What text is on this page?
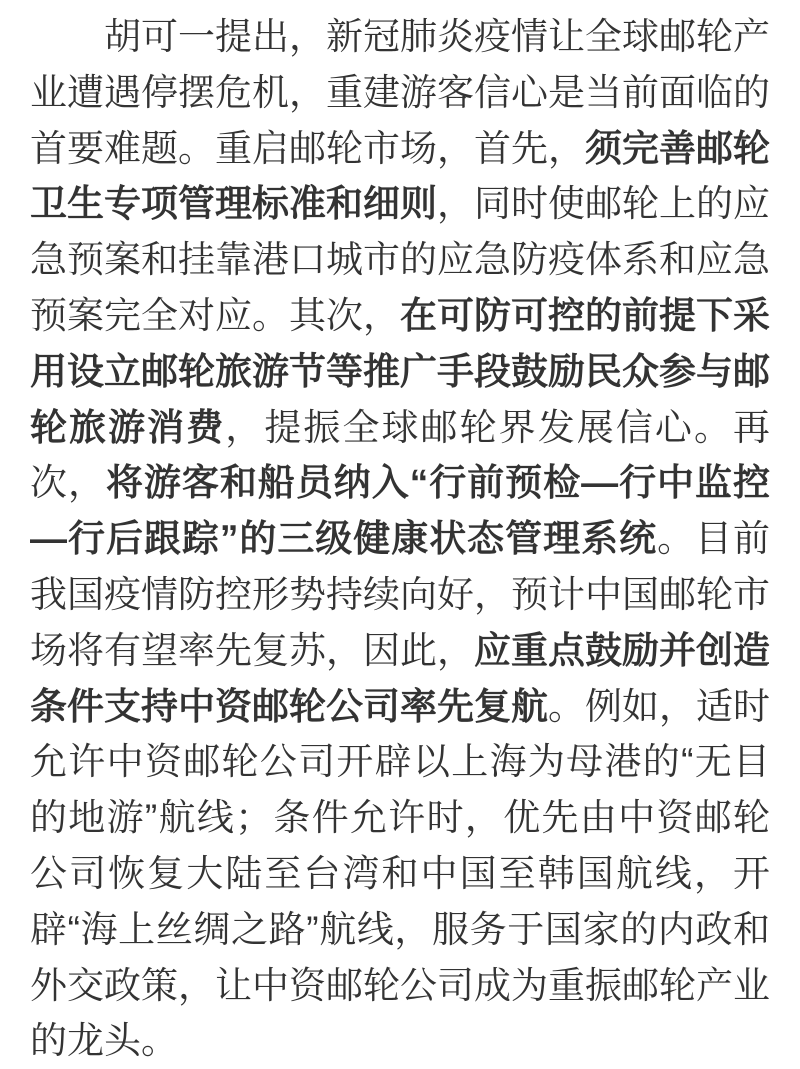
胡可一提出，新冠肺炎疫情让全球邮轮产业遭遇停摆危机，重建游客信心是当前面临的首要难题。重启邮轮市场，首先，须完善邮轮卫生专项管理标准和细则，同时使邮轮上的应急预案和挂靠港口城市的应急防疫体系和应急预案完全对应。其次，在可防可控的前提下采用设立邮轮旅游节等推广手段鼓励民众参与邮轮旅游消费，提振全球邮轮界发展信心。再次，将游客和船员纳入“行前预检—行中监控—行后跟踪”的三级健康状态管理系统。目前我国疫情防控形势持续向好，预计中国邮轮市场将有望率先复苏，因此，应重点鼓励并创造条件支持中资邮轮公司率先复航。例如，适时允许中资邮轮公司开辟以上海为母港的“无目的地游”航线；条件允许时，优先由中资邮轮公司恢复大陆至台湾和中国至韩国航线，开辟“海上丝绸之路”航线，服务于国家的内政和外交政策，让中资邮轮公司成为重振邮轮产业的龙头。
